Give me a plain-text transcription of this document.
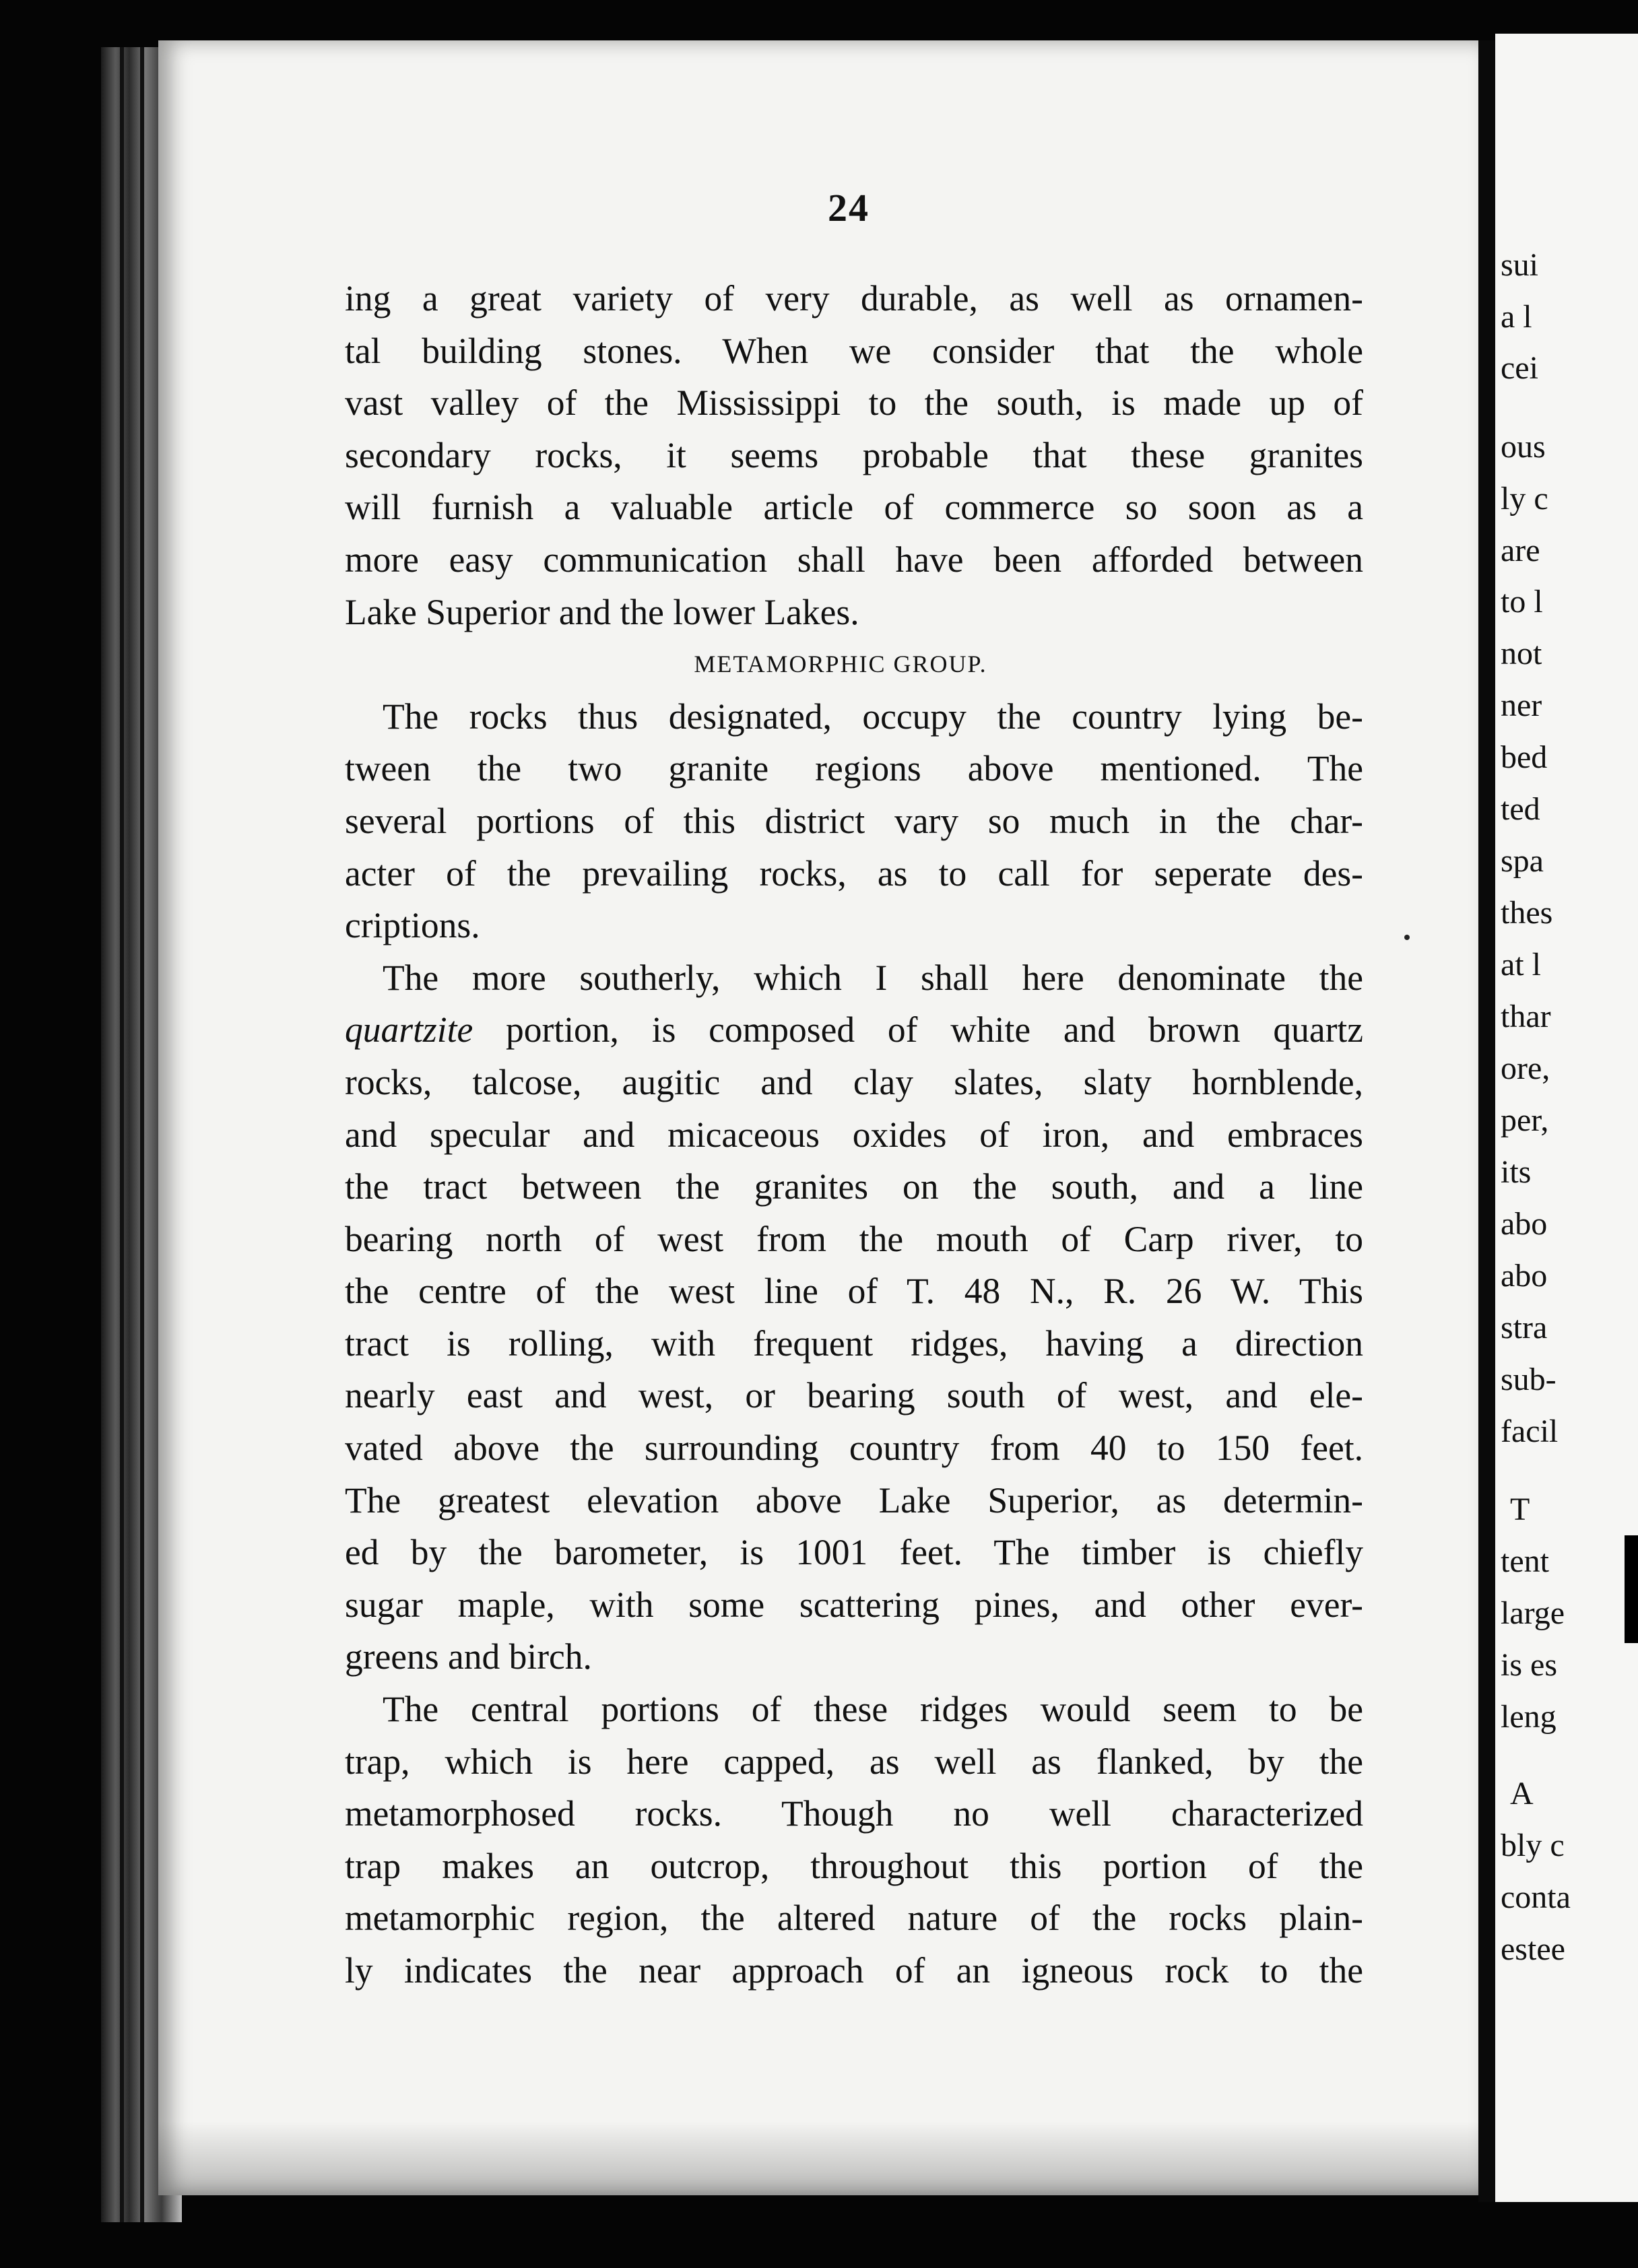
sui
a l
cei
ous
ly c
are
to l
not
ner
bed
ted
spa
thes
at l
thar
ore,
per,
its
abo
abo
stra
sub-
facil
T
tent
large
is es
leng
A
bly c
conta
estee
24
ing a great variety of very durable, as well as ornamen-
tal building stones. When we consider that the whole
vast valley of the Mississippi to the south, is made up of
secondary rocks, it seems probable that these granites
will furnish a valuable article of commerce so soon as a
more easy communication shall have been afforded between
Lake Superior and the lower Lakes.
METAMORPHIC GROUP.
The rocks thus designated, occupy the country lying be-
tween the two granite regions above mentioned. The
several portions of this district vary so much in the char-
acter of the prevailing rocks, as to call for seperate des-
criptions.
The more southerly, which I shall here denominate the
quartzite portion, is composed of white and brown quartz
rocks, talcose, augitic and clay slates, slaty hornblende,
and specular and micaceous oxides of iron, and embraces
the tract between the granites on the south, and a line
bearing north of west from the mouth of Carp river, to
the centre of the west line of T. 48 N., R. 26 W. This
tract is rolling, with frequent ridges, having a direction
nearly east and west, or bearing south of west, and ele-
vated above the surrounding country from 40 to 150 feet.
The greatest elevation above Lake Superior, as determin-
ed by the barometer, is 1001 feet. The timber is chiefly
sugar maple, with some scattering pines, and other ever-
greens and birch.
The central portions of these ridges would seem to be
trap, which is here capped, as well as flanked, by the
metamorphosed rocks. Though no well characterized
trap makes an outcrop, throughout this portion of the
metamorphic region, the altered nature of the rocks plain-
ly indicates the near approach of an igneous rock to the
